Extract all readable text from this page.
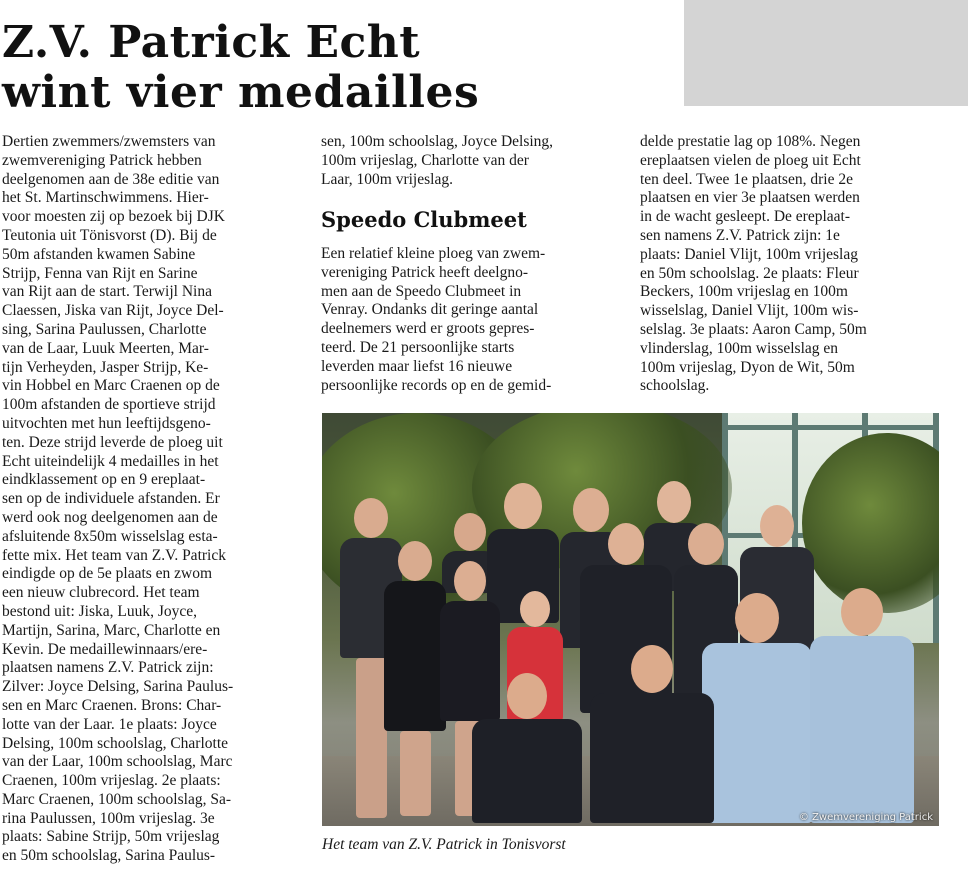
Z.V. Patrick Echt
wint vier medailles
Dertien zwemmers/zwemsters van
zwemvereniging Patrick hebben
deelgenomen aan de 38e editie van
het St. Martinschwimmens. Hier-
voor moesten zij op bezoek bij DJK
Teutonia uit Tönisvorst (D). Bij de
50m afstanden kwamen Sabine
Strijp, Fenna van Rijt en Sarine
van Rijt aan de start. Terwijl Nina
Claessen, Jiska van Rijt, Joyce Del-
sing, Sarina Paulussen, Charlotte
van de Laar, Luuk Meerten, Mar-
tijn Verheyden, Jasper Strijp, Ke-
vin Hobbel en Marc Craenen op de
100m afstanden de sportieve strijd
uitvochten met hun leeftijdsgeno-
ten. Deze strijd leverde de ploeg uit
Echt uiteindelijk 4 medailles in het
eindklassement op en 9 ereplaat-
sen op de individuele afstanden. Er
werd ook nog deelgenomen aan de
afsluitende 8x50m wisselslag esta-
fette mix. Het team van Z.V. Patrick
eindigde op de 5e plaats en zwom
een nieuw clubrecord. Het team
bestond uit: Jiska, Luuk, Joyce,
Martijn, Sarina, Marc, Charlotte en
Kevin. De medaillewinnaars/ere-
plaatsen namens Z.V. Patrick zijn:
Zilver: Joyce Delsing, Sarina Paulus-
sen en Marc Craenen. Brons: Char-
lotte van der Laar. 1e plaats: Joyce
Delsing, 100m schoolslag, Charlotte
van der Laar, 100m schoolslag, Marc
Craenen, 100m vrijeslag. 2e plaats:
Marc Craenen, 100m schoolslag, Sa-
rina Paulussen, 100m vrijeslag. 3e
plaats: Sabine Strijp, 50m vrijeslag
en 50m schoolslag, Sarina Paulus-
sen, 100m schoolslag, Joyce Delsing,
100m vrijeslag, Charlotte van der
Laar, 100m vrijeslag.
Speedo Clubmeet
Een relatief kleine ploeg van zwem-
vereniging Patrick heeft deelgno-
men aan de Speedo Clubmeet in
Venray. Ondanks dit geringe aantal
deelnemers werd er groots gepres-
teerd. De 21 persoonlijke starts
leverden maar liefst 16 nieuwe
persoonlijke records op en de gemid-
delde prestatie lag op 108%. Negen
ereplaatsen vielen de ploeg uit Echt
ten deel. Twee 1e plaatsen, drie 2e
plaatsen en vier 3e plaatsen werden
in de wacht gesleept. De ereplaat-
sen namens Z.V. Patrick zijn: 1e
plaats: Daniel Vlijt, 100m vrijeslag
en 50m schoolslag. 2e plaats: Fleur
Beckers, 100m vrijeslag en 100m
wisselslag, Daniel Vlijt, 100m wis-
selslag. 3e plaats: Aaron Camp, 50m
vlinderslag, 100m wisselslag en
100m vrijeslag, Dyon de Wit, 50m
schoolslag.
© Zwemvereniging Patrick

Het team van Z.V. Patrick in Tonisvorst
